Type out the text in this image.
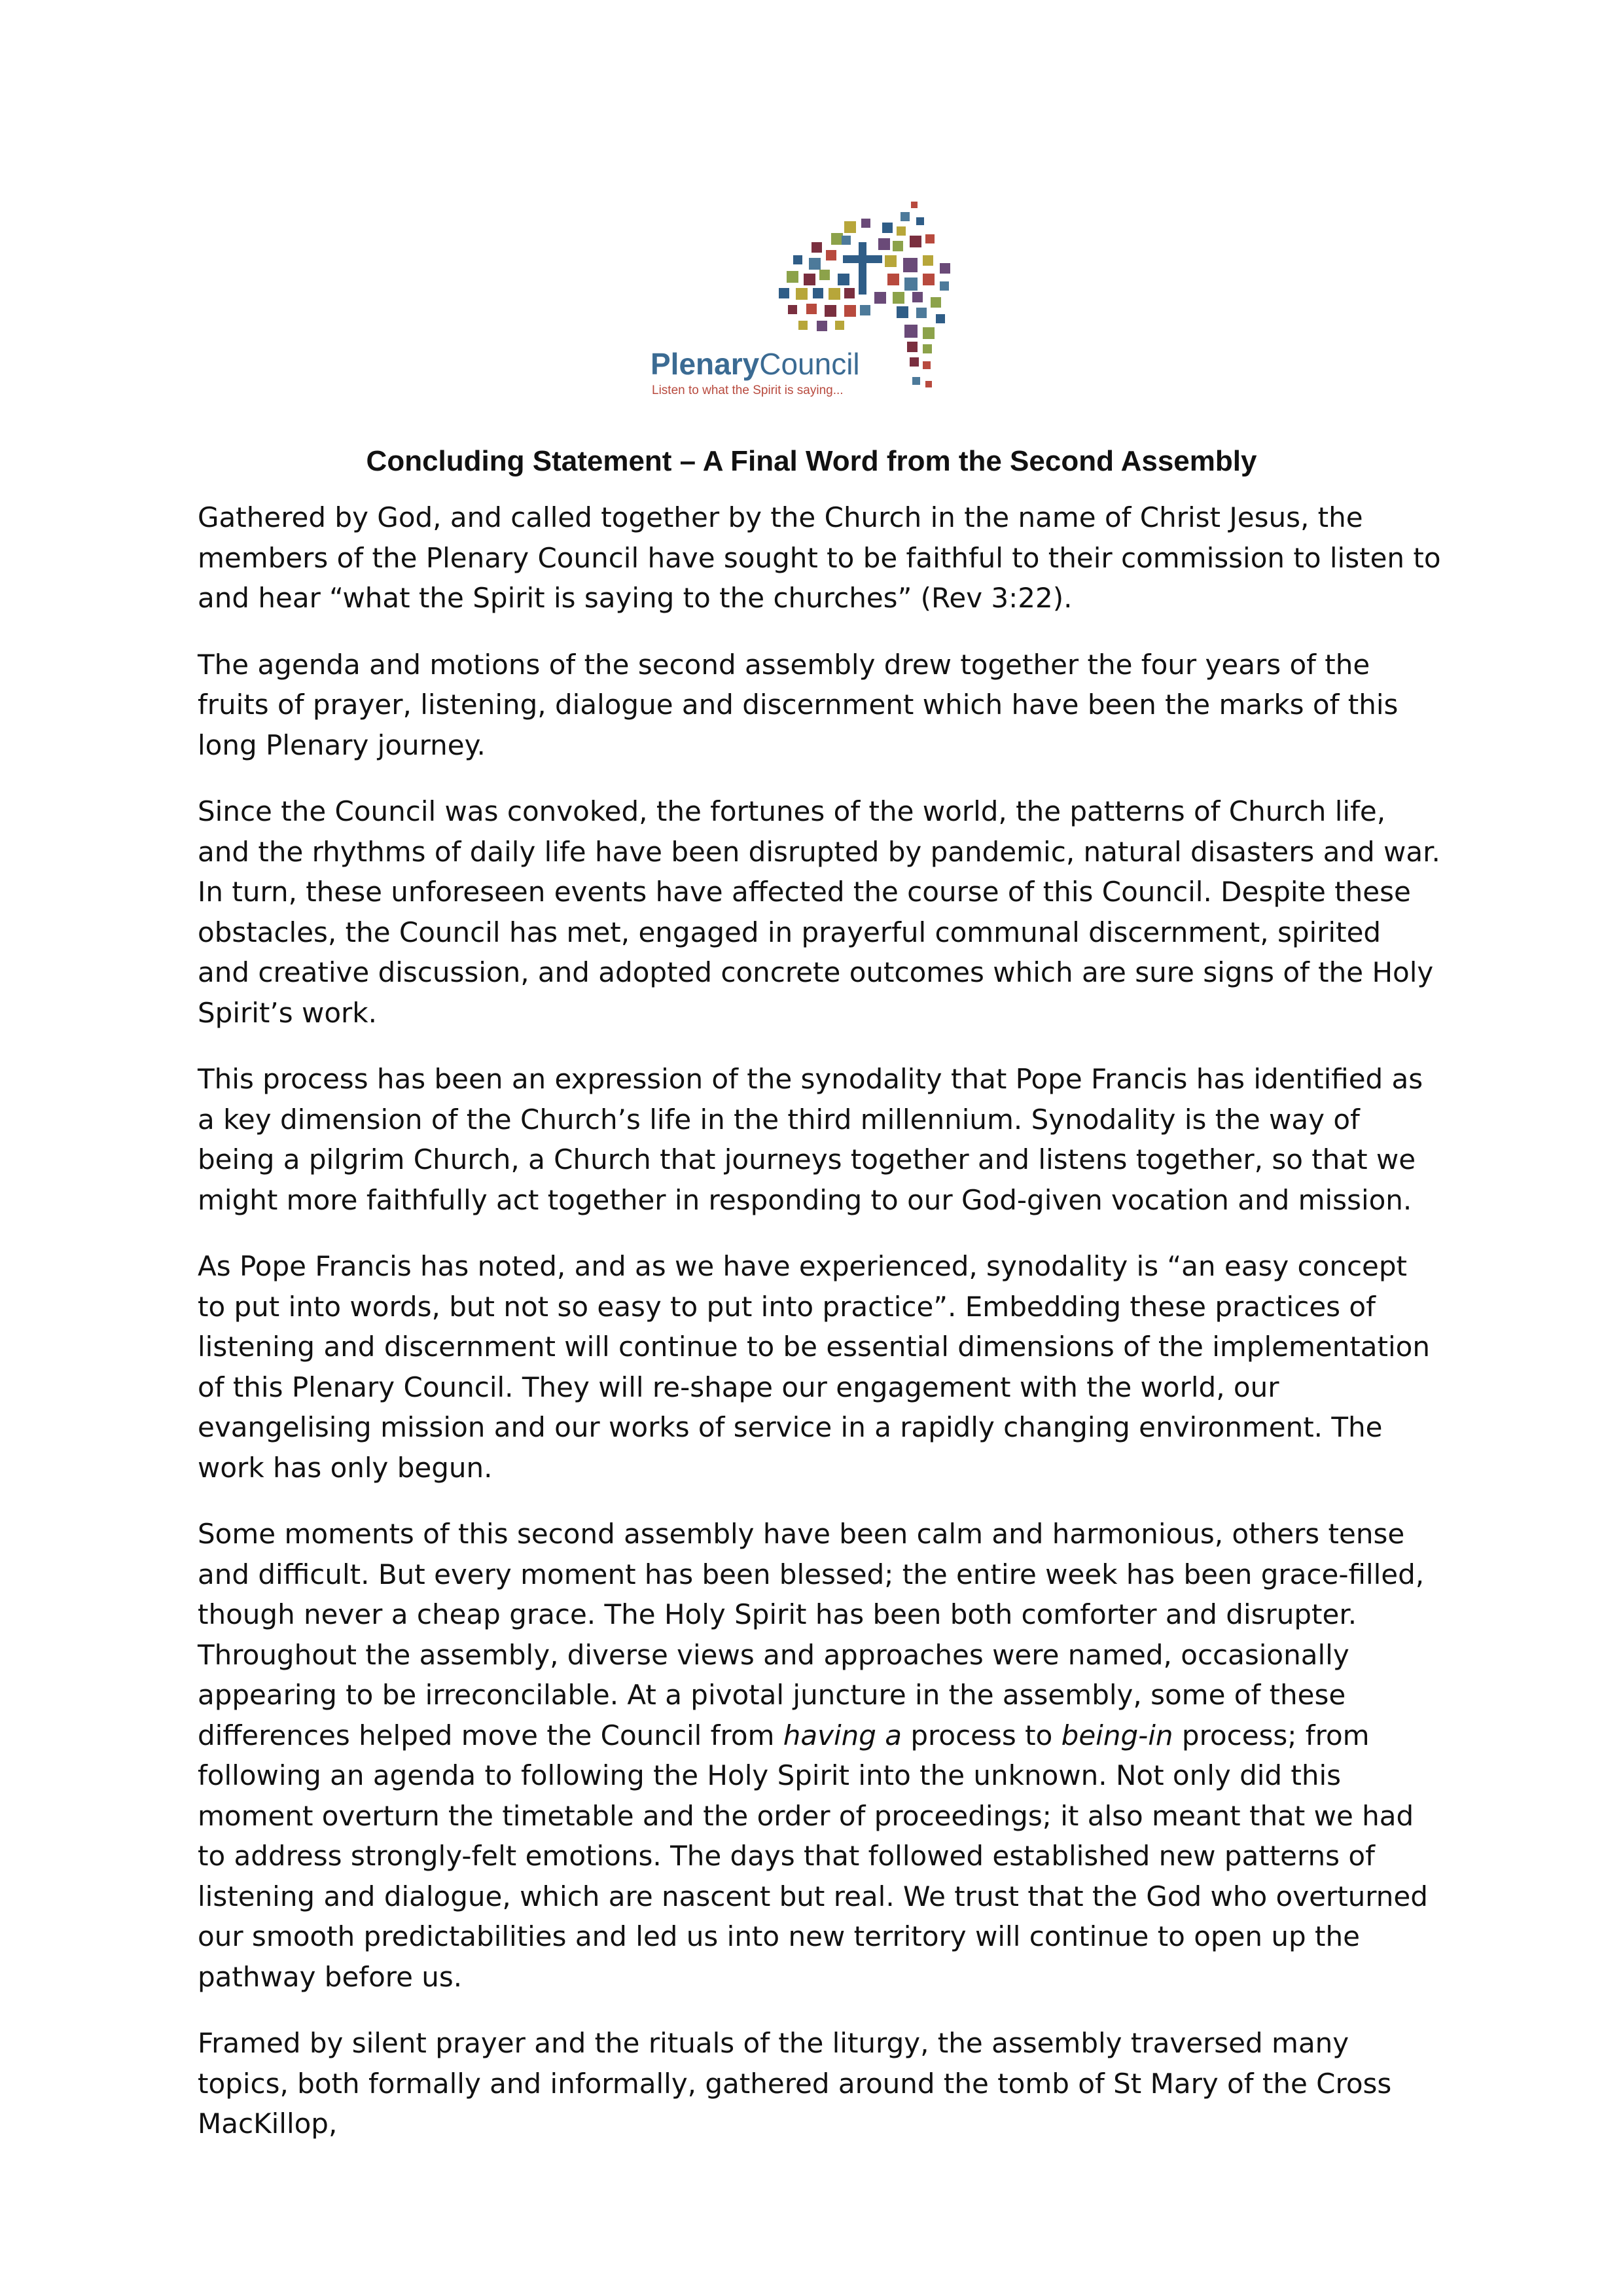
PlenaryCouncil
Listen to what the Spirit is saying...
Concluding Statement – A Final Word from the Second Assembly

Gathered by God, and called together by the Church in the name of Christ Jesus, the members of the Plenary Council have sought to be faithful to their commission to listen to and hear “what the Spirit is saying to the churches” (Rev 3:22).

The agenda and motions of the second assembly drew together the four years of the fruits of prayer, listening, dialogue and discernment which have been the marks of this long Plenary journey.

Since the Council was convoked, the fortunes of the world, the patterns of Church life, and the rhythms of daily life have been disrupted by pandemic, natural disasters and war. In turn, these unforeseen events have affected the course of this Council. Despite these obstacles, the Council has met, engaged in prayerful communal discernment, spirited and creative discussion, and adopted concrete outcomes which are sure signs of the Holy Spirit’s work.

This process has been an expression of the synodality that Pope Francis has identified as a key dimension of the Church’s life in the third millennium. Synodality is the way of being a pilgrim Church, a Church that journeys together and listens together, so that we might more faithfully act together in responding to our God-given vocation and mission.

As Pope Francis has noted, and as we have experienced, synodality is “an easy concept to put into words, but not so easy to put into practice”. Embedding these practices of listening and discernment will continue to be essential dimensions of the implementation of this Plenary Council. They will re-shape our engagement with the world, our evangelising mission and our works of service in a rapidly changing environment. The work has only begun.

Some moments of this second assembly have been calm and harmonious, others tense and difficult. But every moment has been blessed; the entire week has been grace-filled, though never a cheap grace. The Holy Spirit has been both comforter and disrupter. Throughout the assembly, diverse views and approaches were named, occasionally appearing to be irreconcilable. At a pivotal juncture in the assembly, some of these differences helped move the Council from having a process to being-in process; from following an agenda to following the Holy Spirit into the unknown. Not only did this moment overturn the timetable and the order of proceedings; it also meant that we had to address strongly-felt emotions. The days that followed established new patterns of listening and dialogue, which are nascent but real. We trust that the God who overturned our smooth predictabilities and led us into new territory will continue to open up the pathway before us.

Framed by silent prayer and the rituals of the liturgy, the assembly traversed many topics, both formally and informally, gathered around the tomb of St Mary of the Cross MacKillop,
